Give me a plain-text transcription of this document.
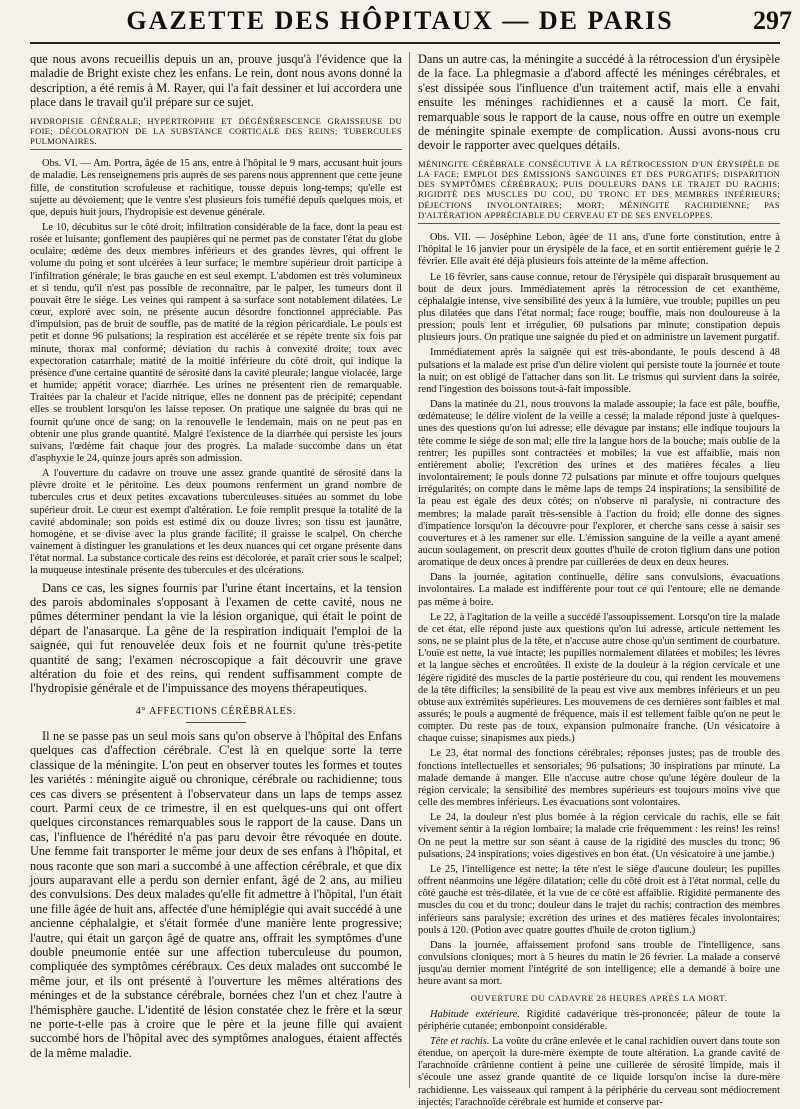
GAZETTE DES HÔPITAUX — DE PARIS	297

que nous avons recueillis depuis un an, prouve jusqu'à l'évidence que la maladie de Bright existe chez les enfans. Le rein, dont nous avons donné la description, a été remis à M. Rayer, qui l'a fait dessiner et lui accordera une place dans le travail qu'il prépare sur ce sujet.

HYDROPISIE GÉNÉRALE; HYPERTROPHIE ET DÉGÉNÉRESCENCE GRAISSEUSE DU FOIE; DÉCOLORATION DE LA SUBSTANCE CORTICALE DES REINS; TUBERCULES PULMONAIRES.

Obs. VI. — Am. Portra, âgée de 15 ans, entre à l'hôpital le 9 mars, accusant huit jours de maladie. Les renseignemens pris auprès de ses parens nous apprennent que cette jeune fille, de constitution scrofuleuse et rachitique, tousse depuis long-temps; qu'elle est sujette au dévoiement; que le ventre s'est plusieurs fois tuméfié depuis quelques mois, et que, depuis huit jours, l'hydropisie est devenue générale.

Le 10, décubitus sur le côté droit; infiltration considérable de la face, dont la peau est rosée et luisante; gonflement des paupières qui ne permet pas de constater l'état du globe oculaire; œdème des deux membres inférieurs et des grandes lèvres, qui offrent le volume du poing et sont ulcérées à leur surface; le membre supérieur droit participe à l'infiltration générale; le bras gauche en est seul exempt. L'abdomen est très volumineux et si tendu, qu'il n'est pas possible de reconnaître, par le palper, les tumeurs dont il pouvait être le siége. Les veines qui rampent à sa surface sont notablement dilatées. Le cœur, exploré avec soin, ne présente aucun désordre fonctionnel appréciable. Pas d'impulsion, pas de bruit de souffle, pas de matité de la région péricardiale. Le pouls est petit et donne 96 pulsations; la respiration est accélérée et se répète trente six fois par minute, thorax mal conformé; déviation du rachis à convexité droite; toux avec expectoration catarrhale; matité de la moitié inférieure du côté droit, qui indique la présence d'une certaine quantité de sérosité dans la cavité pleurale; langue violacée, large et humide; appétit vorace; diarrhée. Les urines ne présentent rien de remarquable. Traitées par la chaleur et l'acide nitrique, elles ne donnent pas de précipité; cependant elles se troublent lorsqu'on les laisse reposer. On pratique une saignée du bras qui ne fournit qu'une once de sang; on la renouvelle le lendemain, mais on ne peut pas en obtenir une plus grande quantité. Malgré l'existence de la diarrhée qui persiste les jours suivans, l'œdème fait chaque jour des progrès. La malade succombe dans un état d'asphyxie le 24, quinze jours après son admission.

A l'ouverture du cadavre on trouve une assez grande quantité de sérosité dans la plèvre droite et le péritoine. Les deux poumons renferment un grand nombre de tubercules crus et deux petites excavations tuberculeuses situées au sommet du lobe supérieur droit. Le cœur est exempt d'altération. Le foie remplit presque la totalité de la cavité abdominale; son poids est estimé dix ou douze livres; son tissu est jaunâtre, homogène, et se divise avec la plus grande facilité; il graisse le scalpel. On cherche vainement à distinguer les granulations et les deux nuances qui cet organe présente dans l'état normal. La substance corticale des reins est décolorée, et paraît crier sous le scalpel; la muqueuse intestinale présente des tubercules et des ulcérations.

Dans ce cas, les signes fournis par l'urine étant incertains, et la tension des parois abdominales s'opposant à l'examen de cette cavité, nous ne pûmes déterminer pendant la vie la lésion organique, qui était le point de départ de l'anasarque. La gêne de la respiration indiquait l'emploi de la saignée, qui fut renouvelée deux fois et ne fournit qu'une très-petite quantité de sang; l'examen nécroscopique a fait découvrir une grave altération du foie et des reins, qui rendent suffisamment compte de l'hydropisie générale et de l'impuissance des moyens thérapeutiques.

4° AFFECTIONS CÉRÉBRALES.

Il ne se passe pas un seul mois sans qu'on observe à l'hôpital des Enfans quelques cas d'affection cérébrale. C'est là en quelque sorte la terre classique de la méningite. L'on peut en observer toutes les formes et toutes les variétés : méningite aiguë ou chronique, cérébrale ou rachidienne; tous ces cas divers se présentent à l'observateur dans un laps de temps assez court. Parmi ceux de ce trimestre, il en est quelques-uns qui ont offert quelques circonstances remarquables sous le rapport de la cause. Dans un cas, l'influence de l'hérédité n'a pas paru devoir être révoquée en doute. Une femme fait transporter le même jour deux de ses enfans à l'hôpital, et nous raconte que son mari a succombé à une affection cérébrale, et que dix jours auparavant elle a perdu son dernier enfant, âgé de 2 ans, au milieu des convulsions. Des deux malades qu'elle fit admettre à l'hôpital, l'un était une fille âgée de huit ans, affectée d'une hémiplégie qui avait succédé à une ancienne céphalalgie, et s'était formée d'une manière lente progressive; l'autre, qui était un garçon âgé de quatre ans, offrait les symptômes d'une double pneumonie entée sur une affection tuberculeuse du poumon, compliquée des symptômes cérébraux. Ces deux malades ont succombé le même jour, et ils ont présenté à l'ouverture les mêmes altérations des méninges et de la substance cérébrale, bornées chez l'un et chez l'autre à l'hémisphère gauche. L'identité de lésion constatée chez le frère et la sœur ne porte-t-elle pas à croire que le père et la jeune fille qui avaient succombé hors de l'hôpital avec des symptômes analogues, étaient affectés de la même maladie.

Dans un autre cas, la méningite a succédé à la rétrocession d'un érysipèle de la face. La phlegmasie a d'abord affecté les méninges cérébrales, et s'est dissipée sous l'influence d'un traitement actif, mais elle a envahi ensuite les méninges rachidiennes et a causé la mort. Ce fait, remarquable sous le rapport de la cause, nous offre en outre un exemple de méningite spinale exempte de complication. Aussi avons-nous cru devoir le rapporter avec quelques détails.

MÉNINGITE CÉRÉBRALE CONSÉCUTIVE À LA RÉTROCESSION D'UN ÉRYSIPÈLE DE LA FACE; EMPLOI DES ÉMISSIONS SANGUINES ET DES PURGATIFS; DISPARITION DES SYMPTÔMES CÉRÉBRAUX; PUIS DOULEURS DANS LE TRAJET DU RACHIS; RIGIDITÉ DES MUSCLES DU COU, DU TRONC ET DES MEMBRES INFÉRIEURS; DÉJECTIONS INVOLONTAIRES; MORT; MÉNINGITE RACHIDIENNE; PAS D'ALTÉRATION APPRÉCIABLE DU CERVEAU ET DE SES ENVELOPPES.

Obs. VII. — Joséphine Lebon, âgée de 11 ans, d'une forte constitution, entre à l'hôpital le 16 janvier pour un érysipèle de la face, et en sortit entièrement guérie le 2 février. Elle avait été déjà plusieurs fois atteinte de la même affection.

Le 16 février, sans cause connue, retour de l'érysipèle qui disparaît brusquement au bout de deux jours. Immédiatement après la rétrocession de cet exanthème, céphalalgie intense, vive sensibilité des yeux à la lumière, vue trouble; pupilles un peu plus dilatées que dans l'état normal; face rouge; bouffie, mais non douloureuse à la pression; pouls lent et irrégulier, 60 pulsations par minute; constipation depuis plusieurs jours. On pratique une saignée du pied et on administre un lavement purgatif.

Immédiatement après la saignée qui est très-abondante, le pouls descend à 48 pulsations et la malade est prise d'un délire violent qui persiste toute la journée et toute la nuit; on est obligé de l'attacher dans son lit. Le trismus qui survient dans la soirée, rend l'ingestion des boissons tout-à-fait impossible.

Dans la matinée du 21, nous trouvons la malade assoupie; la face est pâle, bouffie, œdémateuse; le délire violent de la veille a cessé; la malade répond juste à quelques-unes des questions qu'on lui adresse; elle dévague par instans; elle indique toujours la tête comme le siége de son mal; elle tire la langue hors de la bouche; mais oublie de la rentrer; les pupilles sont contractées et mobiles; la vue est affaiblie, mais non entièrement abolie; l'excrétion des urines et des matières fécales a lieu involontairement; le pouls donne 72 pulsations par minute et offre toujours quelques irrégularités; on compte dans le même laps de temps 24 inspirations; la sensibilité de la peau est égale des deux côtés; on n'observe ni paralysie, ni contracture des membres; la malade paraît très-sensible à l'action du froid; elle donne des signes d'impatience lorsqu'on la découvre pour l'explorer, et cherche sans cesse à saisir ses couvertures et à les ramener sur elle. L'émission sanguine de la veille a ayant amené aucun soulagement, on prescrit deux gouttes d'huile de croton tiglium dans une potion aromatique de deux onces à prendre par cuillerées de deux en deux heures.

Dans la journée, agitation continuelle, délire sans convulsions, évacuations involontaires. La malade est indifférente pour tout ce qui l'entoure; elle ne demande pas même à boire.

Le 22, à l'agitation de la veille a succédé l'assoupissement. Lorsqu'on tire la malade de cet état, elle répond juste aux questions qu'on lui adresse, articule nettement les sons, ne se plaint plus de la tête, et n'accuse autre chose qu'un sentiment de courbature. L'ouïe est nette, la vue intacte; les pupilles normalement dilatées et mobiles; les lèvres et la langue sèches et encroûtées. Il existe de la douleur à la région cervicale et une légère rigidité des muscles de la partie postérieure du cou, qui rendent les mouvemens de la tête difficiles; la sensibilité de la peau est vive aux membres inférieurs et un peu obtuse aux extrémités supérieures. Les mouvemens de ces dernières sont faibles et mal assurés; le pouls a augmenté de fréquence, mais il est tellement faible qu'on ne peut le compter. Du reste pas de toux, expansion pulmonaire franche. (Un vésicatoire à chaque cuisse; sinapismes aux pieds.)

Le 23, état normal des fonctions cérébrales; réponses justes; pas de trouble des fonctions intellectuelles et sensoriales; 96 pulsations; 30 inspirations par minute. La malade demande à manger. Elle n'accuse autre chose qu'une légère douleur de la région cervicale; la sensibilité des membres supérieurs est toujours moins vive que celle des membres inférieurs. Les évacuations sont volontaires.

Le 24, la douleur n'est plus bornée à la région cervicale du rachis, elle se fait vivement sentir à la région lombaire; la malade crie fréquemment : les reins! les reins! On ne peut la mettre sur son séant à cause de la rigidité des muscles du tronc; 96 pulsations, 24 inspirations; voies digestives en bon état. (Un vésicatoire à une jambe.)

Le 25, l'intelligence est nette; la tête n'est le siége d'aucune douleur; les pupilles offrent néanmoins une légère dilatation; celle du côté droit est à l'état normal, celle du côté gauche est très-dilatée, et la vue de ce côté est affaiblie. Rigidité permanente des muscles du cou et du tronc; douleur dans le trajet du rachis; contraction des membres inférieurs sans paralysie; excrétion des urines et des matières fécales involontaires; pouls à 120. (Potion avec quatre gouttes d'huile de croton tiglium.)

Dans la journée, affaissement profond sans trouble de l'intelligence, sans convulsions cloniques; mort à 5 heures du matin le 26 février. La malade a conservé jusqu'au dernier moment l'intégrité de son intelligence; elle a demandé à boire une heure avant sa mort.

OUVERTURE DU CADAVRE 28 HEURES APRÈS LA MORT.

Habitude extérieure. Rigidité cadavérique très-prononcée; pâleur de toute la périphérie cutanée; embonpoint considérable.

Tête et rachis. La voûte du crâne enlevée et le canal rachidien ouvert dans toute son étendue, on aperçoit la dure-mère exempte de toute altération. La grande cavité de l'arachnoïde crânienne contient à peine une cuillerée de sérosité limpide, mais il s'écoule une assez grande quantité de ce liquide lorsqu'on incise la dure-mère rachidienne. Les vaisseaux qui rampent à la périphérie du cerveau sont médiocrement injectés; l'arachnoïde cérébrale est humide et conserve par-
